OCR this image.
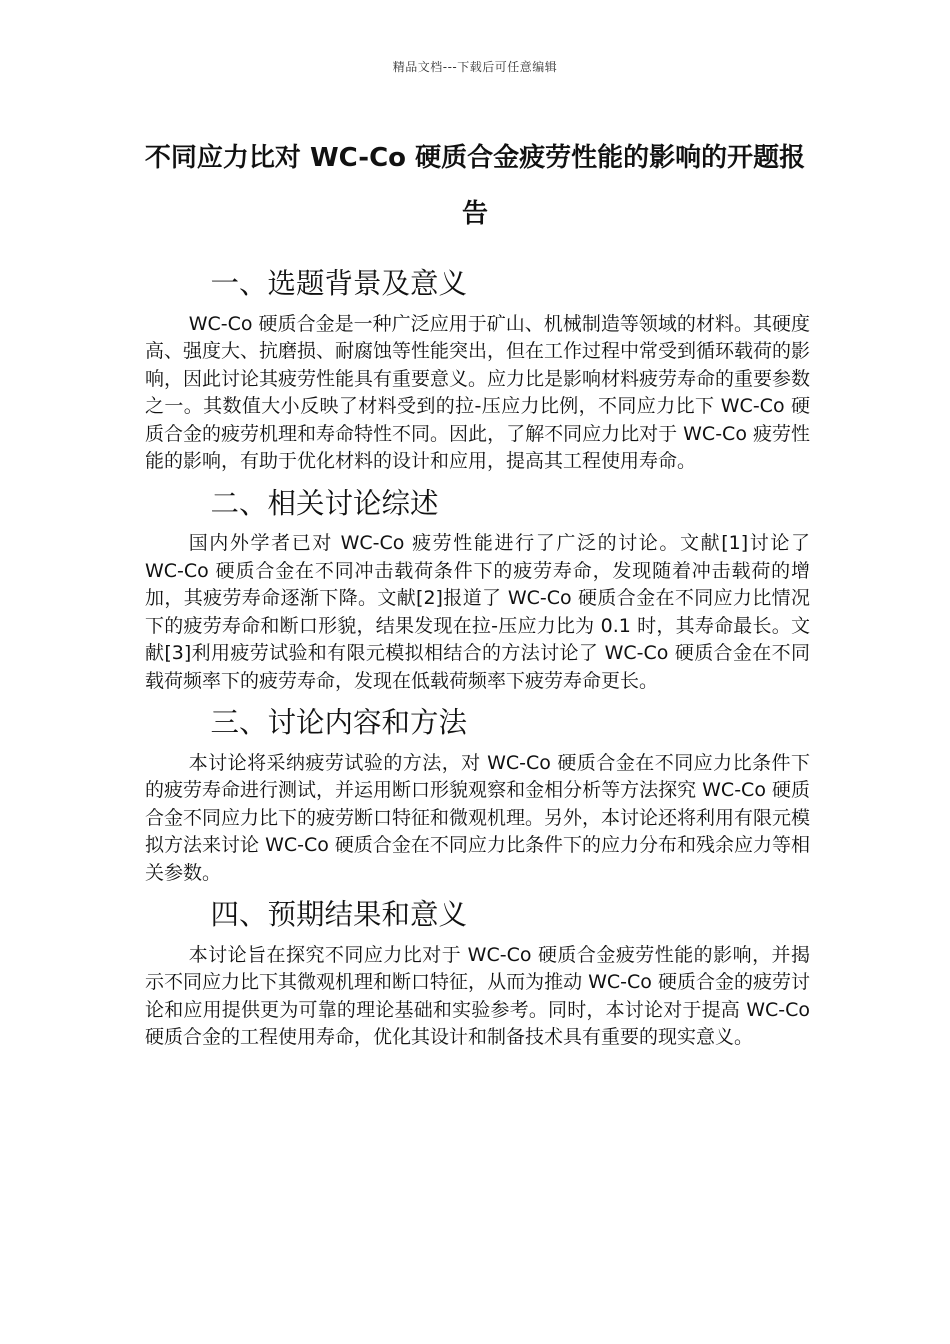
精品文档---下载后可任意编辑
不同应力比对 WC-Co 硬质合金疲劳性能的影响的开题报告
一、选题背景及意义

WC-Co 硬质合金是一种广泛应用于矿山、机械制造等领域的材料。其硬度高、强度大、抗磨损、耐腐蚀等性能突出，但在工作过程中常受到循环载荷的影响，因此讨论其疲劳性能具有重要意义。应力比是影响材料疲劳寿命的重要参数之一。其数值大小反映了材料受到的拉-压应力比例，不同应力比下 WC-Co 硬质合金的疲劳机理和寿命特性不同。因此，了解不同应力比对于 WC-Co 疲劳性能的影响，有助于优化材料的设计和应用，提高其工程使用寿命。

二、相关讨论综述

国内外学者已对 WC-Co 疲劳性能进行了广泛的讨论。文献[1]讨论了 WC-Co 硬质合金在不同冲击载荷条件下的疲劳寿命，发现随着冲击载荷的增加，其疲劳寿命逐渐下降。文献[2]报道了 WC-Co 硬质合金在不同应力比情况下的疲劳寿命和断口形貌，结果发现在拉-压应力比为 0.1 时，其寿命最长。文献[3]利用疲劳试验和有限元模拟相结合的方法讨论了 WC-Co 硬质合金在不同载荷频率下的疲劳寿命，发现在低载荷频率下疲劳寿命更长。

三、讨论内容和方法

本讨论将采纳疲劳试验的方法，对 WC-Co 硬质合金在不同应力比条件下的疲劳寿命进行测试，并运用断口形貌观察和金相分析等方法探究 WC-Co 硬质合金不同应力比下的疲劳断口特征和微观机理。另外，本讨论还将利用有限元模拟方法来讨论 WC-Co 硬质合金在不同应力比条件下的应力分布和残余应力等相关参数。

四、预期结果和意义

本讨论旨在探究不同应力比对于 WC-Co 硬质合金疲劳性能的影响，并揭示不同应力比下其微观机理和断口特征，从而为推动 WC-Co 硬质合金的疲劳讨论和应用提供更为可靠的理论基础和实验参考。同时，本讨论对于提高 WC-Co 硬质合金的工程使用寿命，优化其设计和制备技术具有重要的现实意义。
